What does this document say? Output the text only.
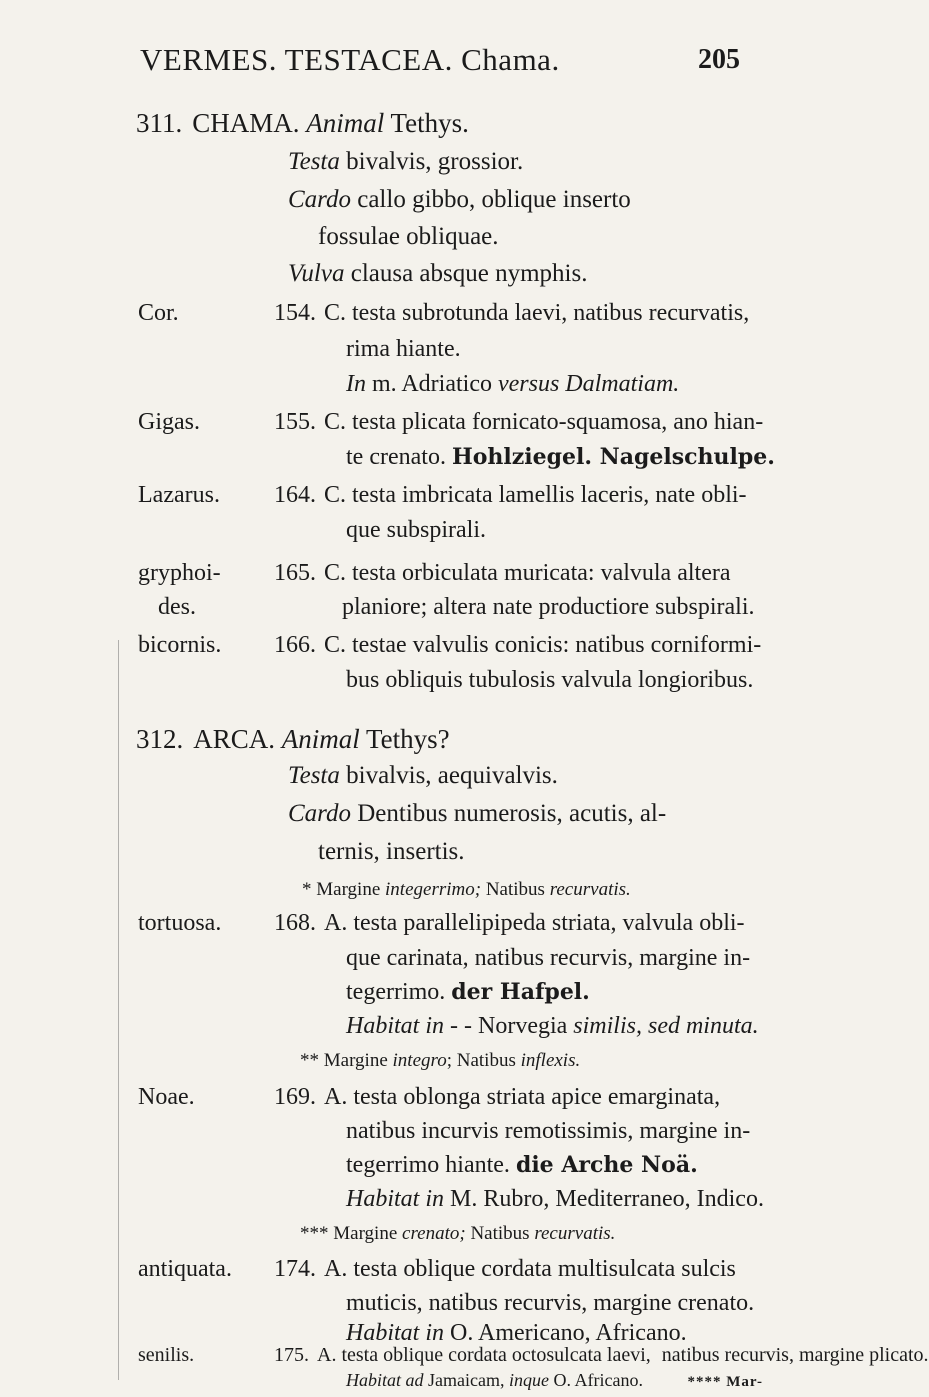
VERMES. TESTACEA. Chama.	205
311. CHAMA. Animal Tethys.
Testa bivalvis, grossior.
Cardo callo gibbo, oblique inserto
fossulae obliquae.
Vulva clausa absque nymphis.
Cor.	154. C. testa subrotunda laevi, natibus recurvatis,
rima hiante.
In m. Adriatico versus Dalmatiam.
Gigas.	155. C. testa plicata fornicato-squamosa, ano hian-
te crenato. Hohlziegel. Nagelschulpe.
Lazarus. 164. C. testa imbricata lamellis laceris, nate obli-
que subspirali.
gryphoi- 165. C. testa orbiculata muricata: valvula altera
des.	planiore; altera nate productiore subspirali.
bicornis. 166. C. testae valvulis conicis: natibus corniformi-
bus obliquis tubulosis valvula longioribus.
312. ARCA. Animal Tethys?
Testa bivalvis, aequivalvis.
Cardo Dentibus numerosis, acutis, al-
ternis, insertis.
* Margine integerrimo; Natibus recurvatis.
tortuosa. 168. A. testa parallelipipeda striata, valvula obli-
que carinata, natibus recurvis, margine in-
tegerrimo. der Hafpel.
Habitat in - - Norvegia similis, sed minuta.
** Margine integro; Natibus inflexis.
Noae.	169. A. testa oblonga striata apice emarginata,
natibus incurvis remotissimis, margine in-
tegerrimo hiante. die Arche Noä.
Habitat in M. Rubro, Mediterraneo, Indico.
*** Margine crenato; Natibus recurvatis.
antiquata. 174. A. testa oblique cordata multisulcata sulcis
muticis, natibus recurvis, margine crenato.
Habitat in O. Americano, Africano.
senilis.	175. A. testa oblique cordata octosulcata laevi, natibus recurvis, margine plicato.
Habitat ad Jamaicam, inque O. Africano.	**** Mar-
